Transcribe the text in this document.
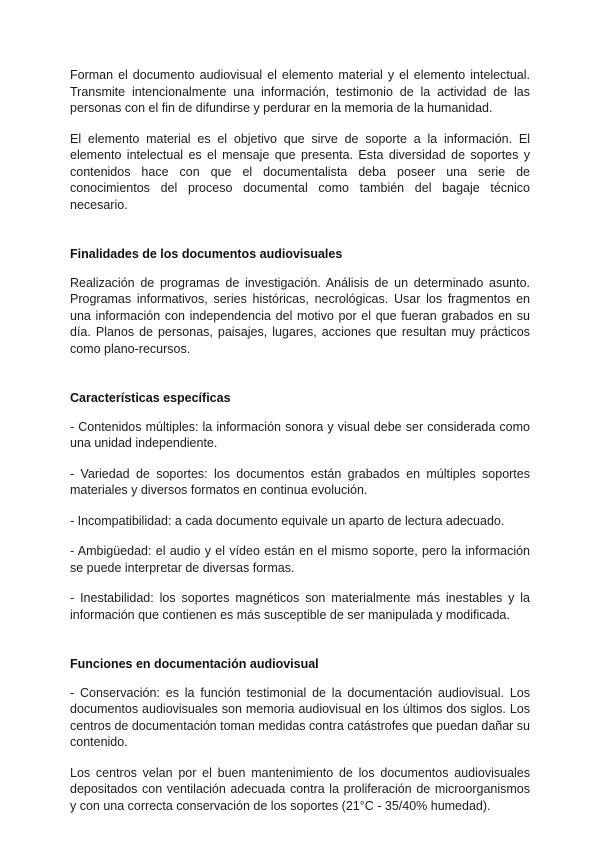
Forman el documento audiovisual el elemento material y el elemento intelectual. Transmite intencionalmente una información, testimonio de la actividad de las personas con el fin de difundirse y perdurar en la memoria de la humanidad.

El elemento material es el objetivo que sirve de soporte a la información. El elemento intelectual es el mensaje que presenta. Esta diversidad de soportes y contenidos hace con que el documentalista deba poseer una serie de conocimientos del proceso documental como también del bagaje técnico necesario.

Finalidades de los documentos audiovisuales

Realización de programas de investigación. Análisis de un determinado asunto. Programas informativos, series históricas, necrológicas. Usar los fragmentos en una información con independencia del motivo por el que fueran grabados en su día. Planos de personas, paisajes, lugares, acciones que resultan muy prácticos como plano-recursos.

Características específicas

- Contenidos múltiples: la información sonora y visual debe ser considerada como una unidad independiente.

- Variedad de soportes: los documentos están grabados en múltiples soportes materiales y diversos formatos en continua evolución.

- Incompatibilidad: a cada documento equivale un aparto de lectura adecuado.

- Ambigüedad: el audio y el vídeo están en el mismo soporte, pero la información se puede interpretar de diversas formas.

- Inestabilidad: los soportes magnéticos son materialmente más inestables y la información que contienen es más susceptible de ser manipulada y modificada.

Funciones en documentación audiovisual

- Conservación: es la función testimonial de la documentación audiovisual. Los documentos audiovisuales son memoria audiovisual en los últimos dos siglos. Los centros de documentación toman medidas contra catástrofes que puedan dañar su contenido.

Los centros velan por el buen mantenimiento de los documentos audiovisuales depositados con ventilación adecuada contra la proliferación de microorganismos y con una correcta conservación de los soportes (21°C - 35/40% humedad).
